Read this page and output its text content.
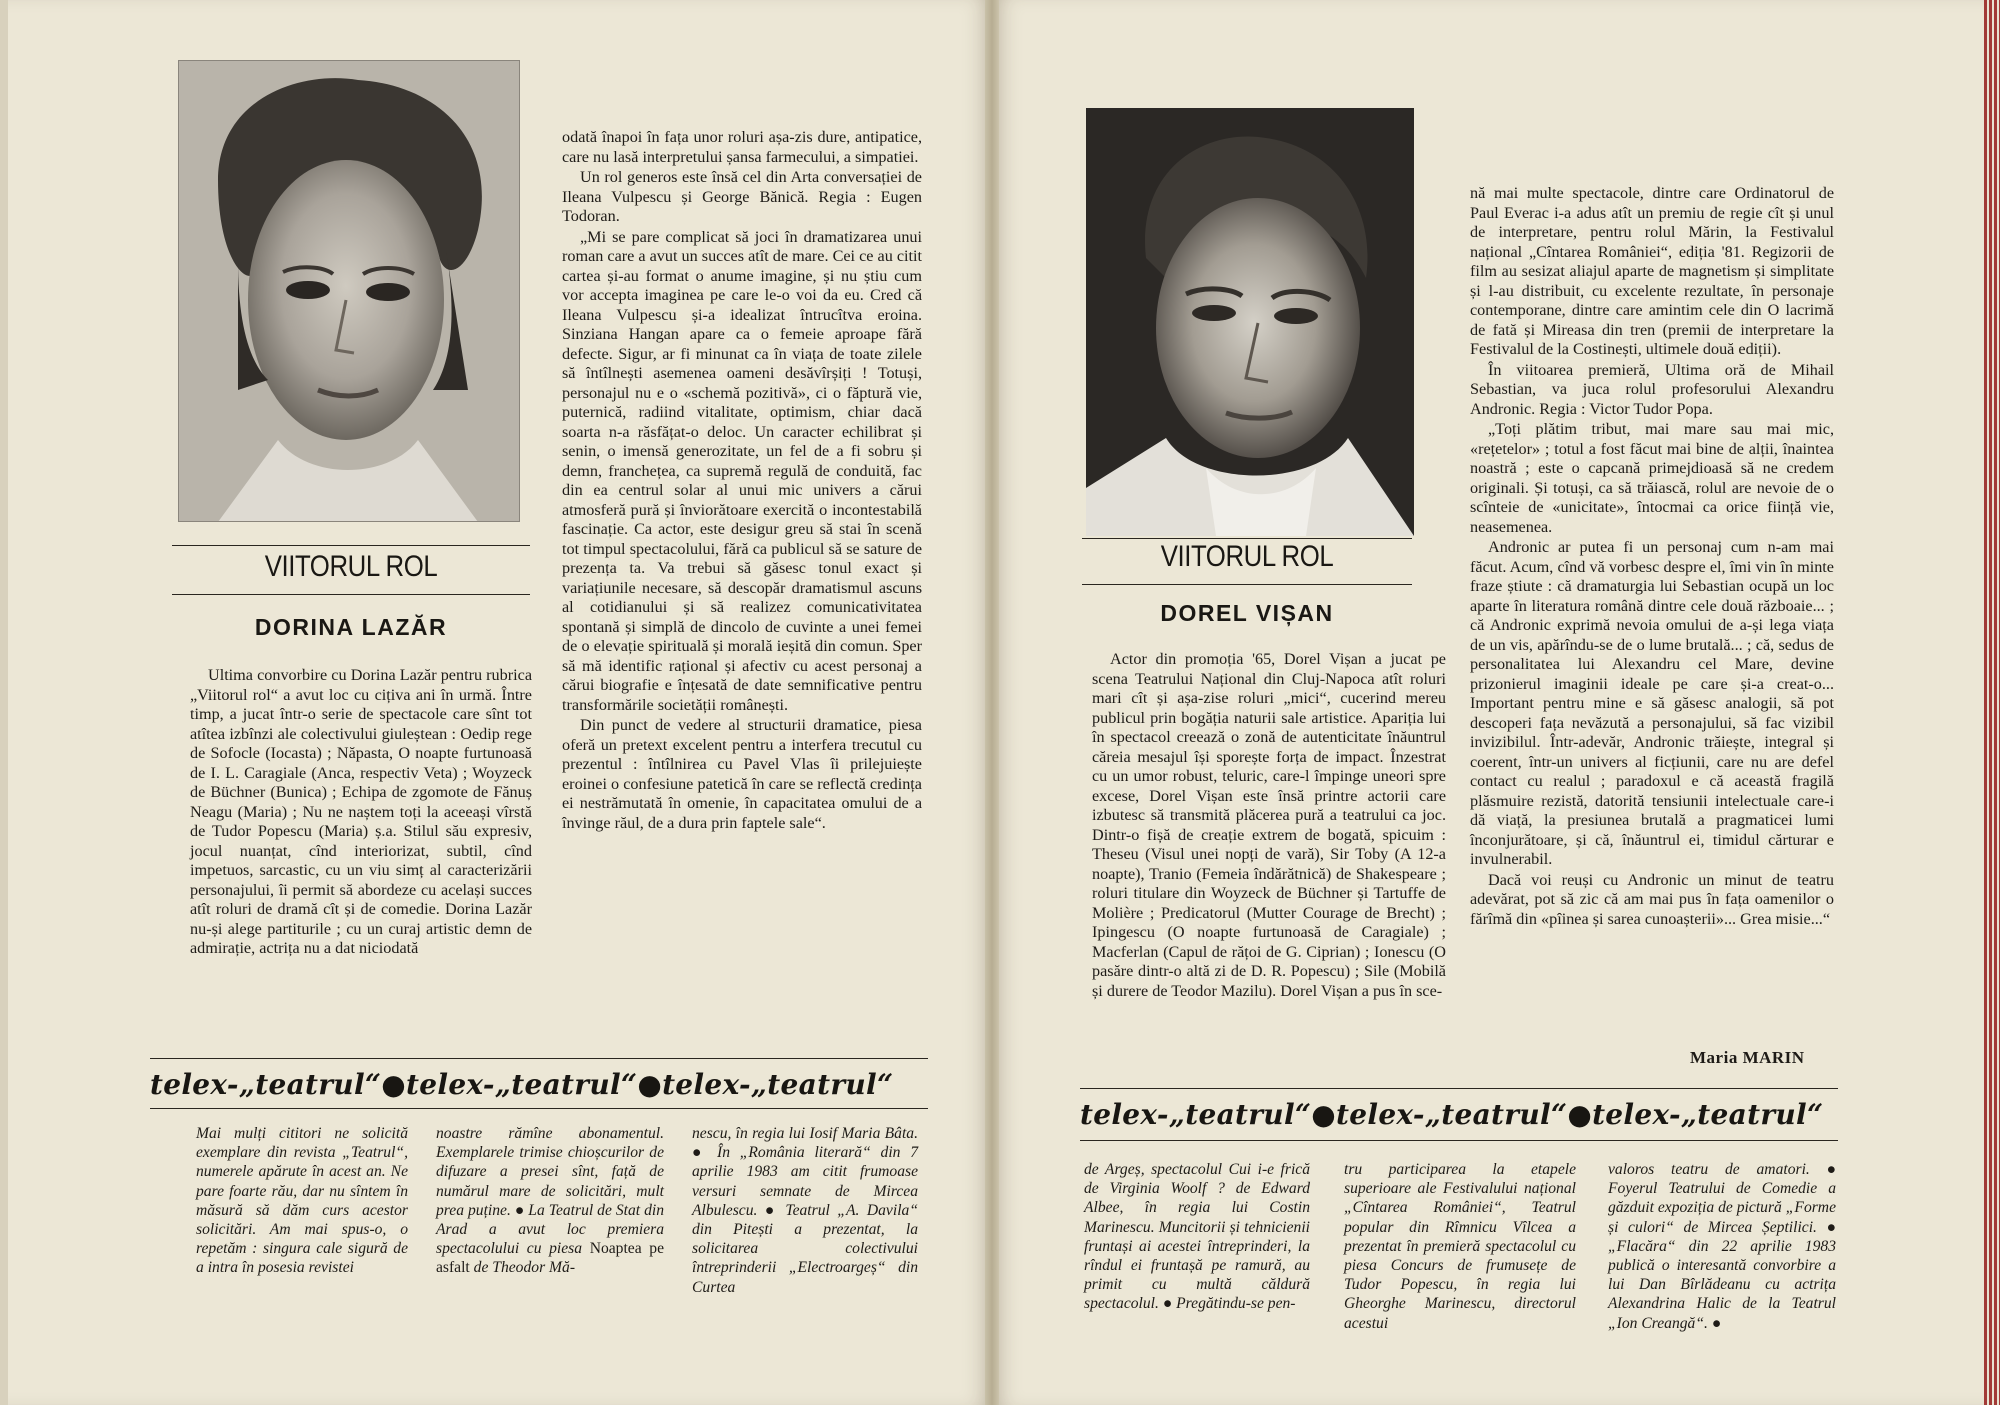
VIITORUL ROL
DORINA LAZĂR

Ultima convorbire cu Dorina Lazăr pentru rubrica „Viitorul rol“ a avut loc cu cițiva ani în urmă. Între timp, a jucat într-o serie de spectacole care sînt tot atîtea izbînzi ale colectivului giuleștean : Oedip rege de Sofocle (Iocasta) ; Năpasta, O noapte furtunoasă de I. L. Caragiale (Anca, respectiv Veta) ; Woyzeck de Büchner (Bunica) ; Echipa de zgomote de Fănuș Neagu (Maria) ; Nu ne naștem toți la aceeași vîrstă de Tudor Popescu (Maria) ș.a. Stilul său expresiv, jocul nuanțat, cînd interiorizat, subtil, cînd impetuos, sarcastic, cu un viu simț al caracterizării personajului, îi permit să abordeze cu același succes atît roluri de dramă cît și de comedie. Dorina Lazăr nu-și alege partiturile ; cu un curaj artistic demn de admirație, actrița nu a dat niciodată

odată înapoi în fața unor roluri așa-zis dure, antipatice, care nu lasă interpretului șansa farmecului, a simpatiei.

Un rol generos este însă cel din Arta conversației de Ileana Vulpescu și George Bănică. Regia : Eugen Todoran.

„Mi se pare complicat să joci în dramatizarea unui roman care a avut un succes atît de mare. Cei ce au citit cartea și-au format o anume imagine, și nu știu cum vor accepta imaginea pe care le-o voi da eu. Cred că Ileana Vulpescu și-a idealizat întrucîtva eroina. Sinziana Hangan apare ca o femeie aproape fără defecte. Sigur, ar fi minunat ca în viața de toate zilele să întîlnești asemenea oameni desăvîrșiți ! Totuși, personajul nu e o «schemă pozitivă», ci o făptură vie, puternică, radiind vitalitate, optimism, chiar dacă soarta n-a răsfățat-o deloc. Un caracter echilibrat și senin, o imensă generozitate, un fel de a fi sobru și demn, franchețea, ca supremă regulă de conduită, fac din ea centrul solar al unui mic univers a cărui atmosferă pură și înviorătoare exercită o incontestabilă fascinație. Ca actor, este desigur greu să stai în scenă tot timpul spectacolului, fără ca publicul să se sature de prezența ta. Va trebui să găsesc tonul exact și variațiunile necesare, să descopăr dramatismul ascuns al cotidianului și să realizez comunicativitatea spontană și simplă de dincolo de cuvinte a unei femei de o elevație spirituală și morală ieșită din comun. Sper să mă identific rațional și afectiv cu acest personaj a cărui biografie e înțesată de date semnificative pentru transformările societății românești.

Din punct de vedere al structurii dramatice, piesa oferă un pretext excelent pentru a interfera trecutul cu prezentul : întîlnirea cu Pavel Vlas îi prilejuiește eroinei o confesiune patetică în care se reflectă credința ei nestrămutată în omenie, în capacitatea omului de a învinge răul, de a dura prin faptele sale“.

telex-„teatrul“●telex-„teatrul“●telex-„teatrul“
Mai mulți cititori ne solicită exemplare din revista „Teatrul“, numerele apărute în acest an. Ne pare foarte rău, dar nu sîntem în măsură să dăm curs acestor solicitări. Am mai spus-o, o repetăm : singura cale sigură de a intra în posesia revistei
noastre rămîne abonamentul. Exemplarele trimise chioșcurilor de difuzare a presei sînt, față de numărul mare de solicitări, mult prea puține. ● La Teatrul de Stat din Arad a avut loc premiera spectacolului cu piesa Noaptea pe asfalt de Theodor Mă-
nescu, în regia lui Iosif Maria Bâta. ● În „România literară“ din 7 aprilie 1983 am citit frumoase versuri semnate de Mircea Albulescu. ● Teatrul „A. Davila“ din Pitești a prezentat, la solicitarea colectivului întreprinderii „Electroargeș“ din Curtea
VIITORUL ROL
DOREL VIȘAN

Actor din promoția '65, Dorel Vișan a jucat pe scena Teatrului Național din Cluj-Napoca atît roluri mari cît și așa-zise roluri „mici“, cucerind mereu publicul prin bogăția naturii sale artistice. Apariția lui în spectacol creează o zonă de autenticitate înăuntrul căreia mesajul își sporește forța de impact. Înzestrat cu un umor robust, teluric, care-l împinge uneori spre excese, Dorel Vișan este însă printre actorii care izbutesc să transmită plăcerea pură a teatrului ca joc. Dintr-o fișă de creație extrem de bogată, spicuim : Theseu (Visul unei nopți de vară), Sir Toby (A 12-a noapte), Tranio (Femeia îndărătnică) de Shakespeare ; roluri titulare din Woyzeck de Büchner și Tartuffe de Molière ; Predicatorul (Mutter Courage de Brecht) ; Ipingescu (O noapte furtunoasă de Caragiale) ; Macferlan (Capul de rățoi de G. Ciprian) ; Ionescu (O pasăre dintr-o altă zi de D. R. Popescu) ; Sile (Mobilă și durere de Teodor Mazilu). Dorel Vișan a pus în sce-

nă mai multe spectacole, dintre care Ordinatorul de Paul Everac i-a adus atît un premiu de regie cît și unul de interpretare, pentru rolul Mărin, la Festivalul național „Cîntarea României“, ediția '81. Regizorii de film au sesizat aliajul aparte de magnetism și simplitate și l-au distribuit, cu excelente rezultate, în personaje contemporane, dintre care amintim cele din O lacrimă de fată și Mireasa din tren (premii de interpretare la Festivalul de la Costinești, ultimele două ediții).

În viitoarea premieră, Ultima oră de Mihail Sebastian, va juca rolul profesorului Alexandru Andronic. Regia : Victor Tudor Popa.

„Toți plătim tribut, mai mare sau mai mic, «rețetelor» ; totul a fost făcut mai bine de alții, înaintea noastră ; este o capcană primejdioasă să ne credem originali. Și totuși, ca să trăiască, rolul are nevoie de o scînteie de «unicitate», întocmai ca orice ființă vie, neasemenea.

Andronic ar putea fi un personaj cum n-am mai făcut. Acum, cînd vă vorbesc despre el, îmi vin în minte fraze știute : că dramaturgia lui Sebastian ocupă un loc aparte în literatura română dintre cele două războaie... ; că Andronic exprimă nevoia omului de a-și lega viața de un vis, apărîndu-se de o lume brutală... ; că, sedus de personalitatea lui Alexandru cel Mare, devine prizonierul imaginii ideale pe care și-a creat-o... Important pentru mine e să găsesc analogii, să pot descoperi fața nevăzută a personajului, să fac vizibil invizibilul. Într-adevăr, Andronic trăiește, integral și coerent, într-un univers al ficțiunii, care nu are defel contact cu realul ; paradoxul e că această fragilă plăsmuire rezistă, datorită tensiunii intelectuale care-i dă viață, la presiunea brutală a pragmaticei lumi înconjurătoare, și că, înăuntrul ei, timidul cărturar e invulnerabil.

Dacă voi reuși cu Andronic un minut de teatru adevărat, pot să zic că am mai pus în fața oamenilor o fărîmă din «pîinea și sarea cunoașterii»... Grea misie...“

Maria MARIN
telex-„teatrul“●telex-„teatrul“●telex-„teatrul“
de Argeș, spectacolul Cui i-e frică de Virginia Woolf ? de Edward Albee, în regia lui Costin Marinescu. Muncitorii și tehnicienii fruntași ai acestei întreprinderi, la rîndul ei fruntașă pe ramură, au primit cu multă căldură spectacolul. ● Pregătindu-se pen-
tru participarea la etapele superioare ale Festivalului național „Cîntarea României“, Teatrul popular din Rîmnicu Vîlcea a prezentat în premieră spectacolul cu piesa Concurs de frumusețe de Tudor Popescu, în regia lui Gheorghe Marinescu, directorul acestui
valoros teatru de amatori. ● Foyerul Teatrului de Comedie a găzduit expoziția de pictură „Forme și culori“ de Mircea Șeptilici. ● „Flacăra“ din 22 aprilie 1983 publică o interesantă convorbire a lui Dan Bîrlădeanu cu actrița Alexandrina Halic de la Teatrul „Ion Creangă“. ●
